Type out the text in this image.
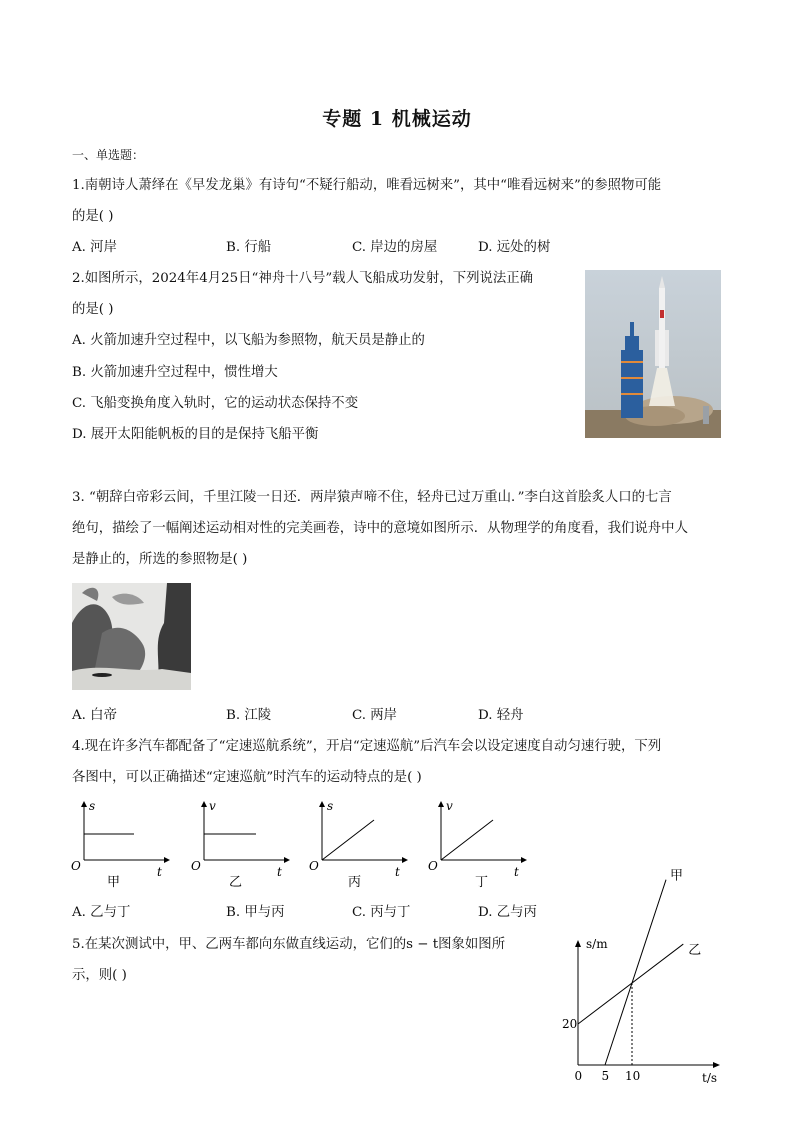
专题 1 机械运动
一、单选题：
1.南朝诗人萧绎在《早发龙巢》有诗句“不疑行船动，唯看远树来”，其中“唯看远树来”的参照物可能
的是( )
A. 河岸	B. 行船	C. 岸边的房屋	D. 远处的树
2.如图所示，2024年4月25日“神舟十八号”载人飞船成功发射，下列说法正确
的是( )
A. 火箭加速升空过程中，以飞船为参照物，航天员是静止的
B. 火箭加速升空过程中，惯性增大
C. 飞船变换角度入轨时，它的运动状态保持不变
D. 展开太阳能帆板的目的是保持飞船平衡
3. “朝辞白帝彩云间，千里江陵一日还．两岸猿声啼不住，轻舟已过万重山．”李白这首脍炙人口的七言
绝句，描绘了一幅阐述运动相对性的完美画卷，诗中的意境如图所示．从物理学的角度看，我们说舟中人
是静止的，所选的参照物是( )
A. 白帝	B. 江陵	C. 两岸	D. 轻舟
4.现在许多汽车都配备了“定速巡航系统”，开启“定速巡航”后汽车会以设定速度自动匀速行驶，下列
各图中，可以正确描述“定速巡航”时汽车的运动特点的是( )
s
t
O
甲
v
t
O
乙
s
t
O
丙
v
t
O
丁
A. 乙与丁	B. 甲与丙	C. 丙与丁	D. 乙与丙
5.在某次测试中，甲、乙两车都向东做直线运动，它们的s − t图象如图所
示，则( )
s/m
t/s
甲
乙
20
0 5 10
